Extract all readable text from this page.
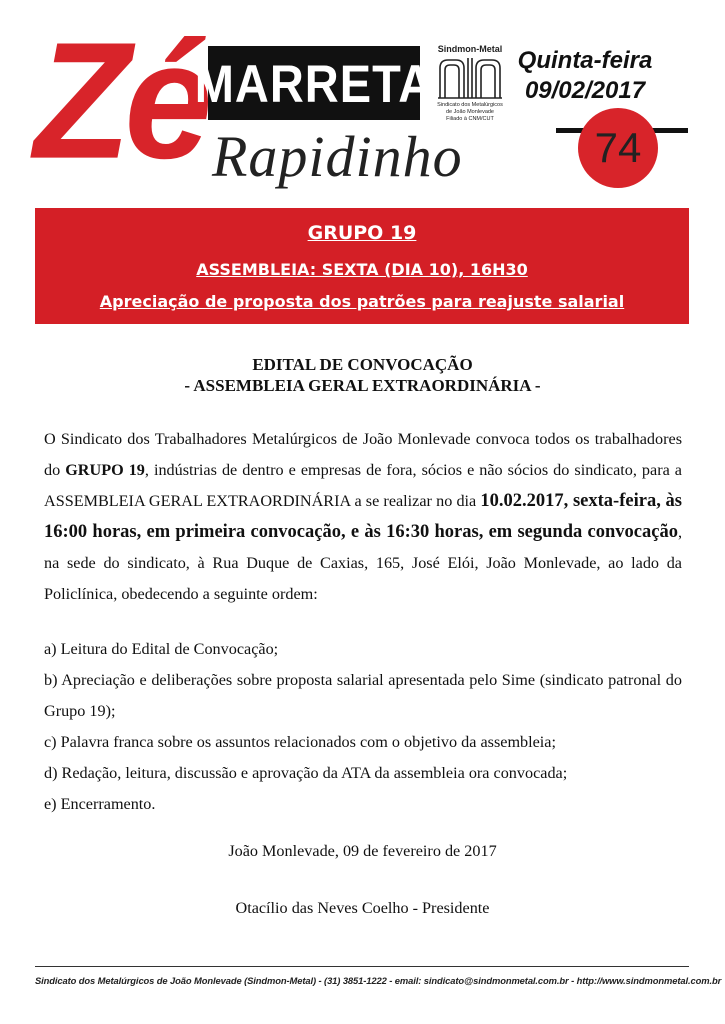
Zé
MARRETA
Sindmon-Metal
Sindicato dos Metalúrgicos
de João Monlevade
Filiado à CNM/CUT
Quinta-feira
09/02/2017
Rapidinho	74
GRUPO 19
ASSEMBLEIA: SEXTA (DIA 10), 16H30
Apreciação de proposta dos patrões para reajuste salarial
EDITAL DE CONVOCAÇÃO
- ASSEMBLEIA GERAL EXTRAORDINÁRIA -
O Sindicato dos Trabalhadores Metalúrgicos de João Monlevade convoca todos os trabalhadores do GRUPO 19, indústrias de dentro e empresas de fora, sócios e não sócios do sindicato, para a ASSEMBLEIA GERAL EXTRAORDINÁRIA a se realizar no dia 10.02.2017, sexta-feira, às 16:00 horas, em primeira convocação, e às 16:30 horas, em segunda convocação, na sede do sindicato, à Rua Duque de Caxias, 165, José Elói, João Monlevade, ao lado da Policlínica, obedecendo a seguinte ordem:
a) Leitura do Edital de Convocação;
b) Apreciação e deliberações sobre proposta salarial apresentada pelo Sime (sindicato patronal do Grupo 19);
c) Palavra franca sobre os assuntos relacionados com o objetivo da assembleia;
d) Redação, leitura, discussão e aprovação da ATA da assembleia ora convocada;
e) Encerramento.
João Monlevade, 09 de fevereiro de 2017
Otacílio das Neves Coelho - Presidente
Sindicato dos Metalúrgicos de João Monlevade (Sindmon-Metal) - (31) 3851-1222 - email: sindicato@sindmonmetal.com.br - http://www.sindmonmetal.com.br
